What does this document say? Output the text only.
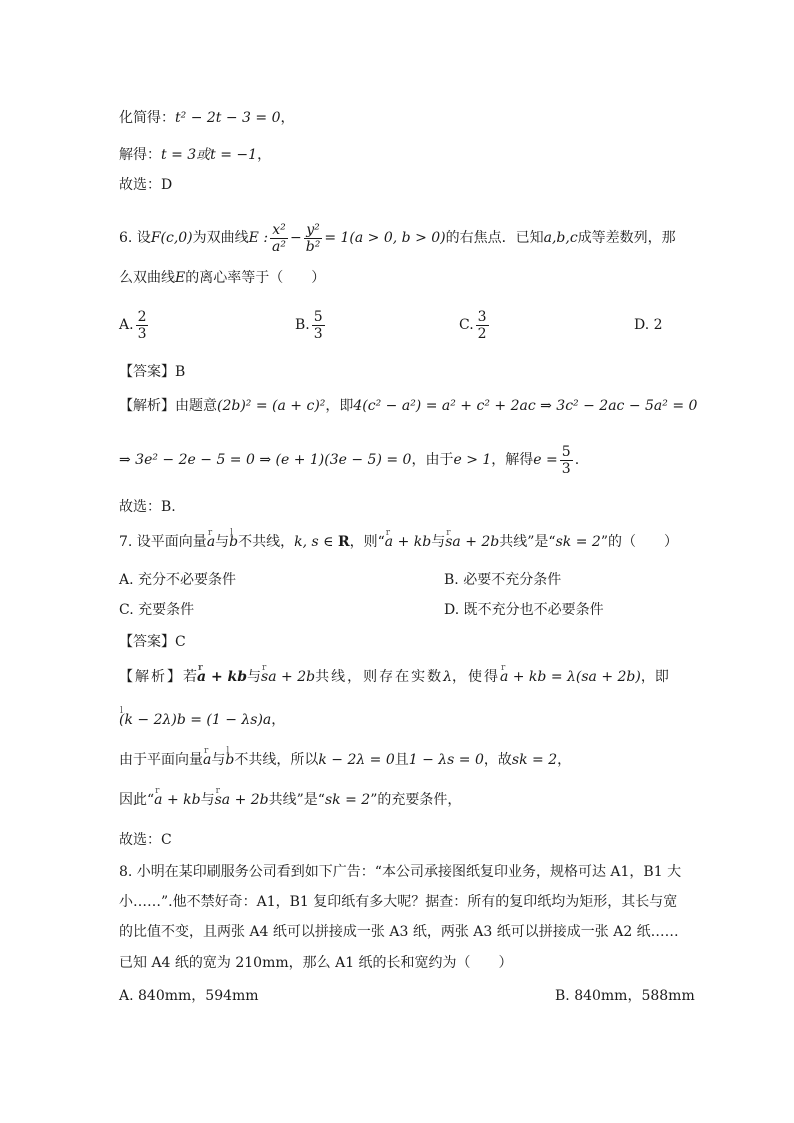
化简得：t² − 2t − 3 = 0，
解得：t = 3或t = −1，
故选：D
6. 设F(c,0)为双曲线E : $\frac{\text{x²}}{\text{a²}} - \frac{\text{y²}}{\text{b²}} = 1(a > 0$, b > 0)的右焦点．已知a,b,c成等差数列，那
么双曲线E的离心率等于（　　）
A. $\frac{2}{3}$	B. $\frac{5}{3}$	C. $\frac{3}{2}$	D. 2
【答案】B
【解析】由题意(2b)² = (a + c)²，即4(c² − a²) = a² + c² + 2ac ⇒ 3c² − 2ac − 5a² = 0
⇒ 3e² − 2e − 5 = 0 ⇒ (e + 1)(3e − 5) = 0，由于e > 1，解得$e = \frac{5}{3}$ .
故选：B.
7. 设平面向量r a与l b不共线，k, s ∈ R，则“r a + kb与r sa + 2b共线”是“sk = 2”的（　　）
A. 充分不必要条件	B. 必要不充分条件
C. 充要条件	D. 既不充分也不必要条件
【答案】C
【解析】若r a + kb与r sa + 2b共线，则存在实数λ，使得r a + kb = λ(sa + 2b)，即
l (k − 2λ)b = (1 − λs)a，
由于平面向量r a与l b不共线，所以k − 2λ = 0且1 − λs = 0，故sk = 2，
因此“r a + kb与r sa + 2b共线”是“sk = 2”的充要条件，
故选：C
8. 小明在某印刷服务公司看到如下广告：“本公司承接图纸复印业务，规格可达 A1，B1 大
小……”.他不禁好奇：A1，B1 复印纸有多大呢？据查：所有的复印纸均为矩形，其长与宽
的比值不变，且两张 A4 纸可以拼接成一张 A3 纸，两张 A3 纸可以拼接成一张 A2 纸……
已知 A4 纸的宽为 210mm，那么 A1 纸的长和宽约为（　　）
A. 840mm，594mm	B. 840mm，588mm
